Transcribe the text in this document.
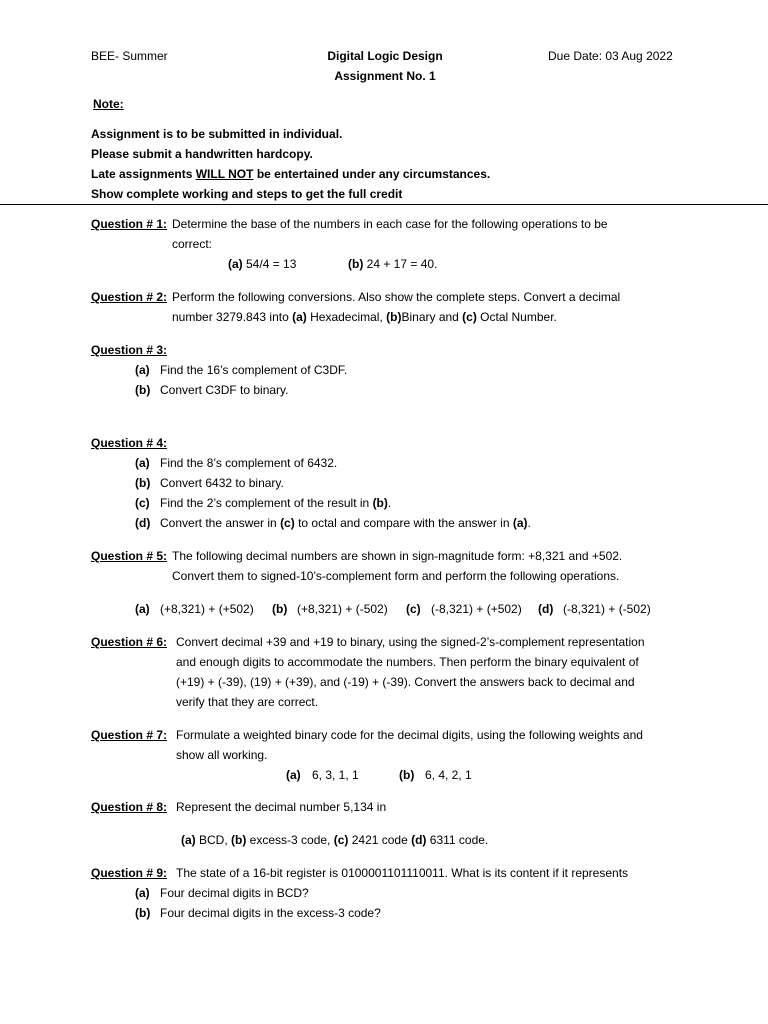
BEE- Summer	Digital Logic Design
Assignment No. 1
Due Date: 03 Aug 2022
Note:
Assignment is to be submitted in individual.
Please submit a handwritten hardcopy.
Late assignments WILL NOT be entertained under any circumstances.
Show complete working and steps to get the full credit
Question # 1: Determine the base of the numbers in each case for the following operations to be
correct:
(a) 54/4 = 13	(b) 24 + 17 = 40.
Question # 2: Perform the following conversions. Also show the complete steps. Convert a decimal
number 3279.843 into (a) Hexadecimal, (b)Binary and (c) Octal Number.
Question # 3:
(a) Find the 16’s complement of C3DF.
(b) Convert C3DF to binary.
Question # 4:
(a) Find the 8’s complement of 6432.
(b) Convert 6432 to binary.
(c) Find the 2’s complement of the result in (b).
(d) Convert the answer in (c) to octal and compare with the answer in (a).
Question # 5: The following decimal numbers are shown in sign-magnitude form: +8,321 and +502.
Convert them to signed-10’s-complement form and perform the following operations.
(a) (+8,321) + (+502) (b) (+8,321) + (-502) (c) (-8,321) + (+502) (d) (-8,321) + (-502)
Question # 6: Convert decimal +39 and +19 to binary, using the signed-2’s-complement representation
and enough digits to accommodate the numbers. Then perform the binary equivalent of
(+19) + (-39), (19) + (+39), and (-19) + (-39). Convert the answers back to decimal and
verify that they are correct.
Question # 7: Formulate a weighted binary code for the decimal digits, using the following weights and
show all working.
(a) 6, 3, 1, 1	(b) 6, 4, 2, 1
Question # 8: Represent the decimal number 5,134 in
(a) BCD, (b) excess-3 code, (c) 2421 code (d) 6311 code.
Question # 9: The state of a 16-bit register is 0100001101110011. What is its content if it represents
(a) Four decimal digits in BCD?
(b) Four decimal digits in the excess-3 code?
